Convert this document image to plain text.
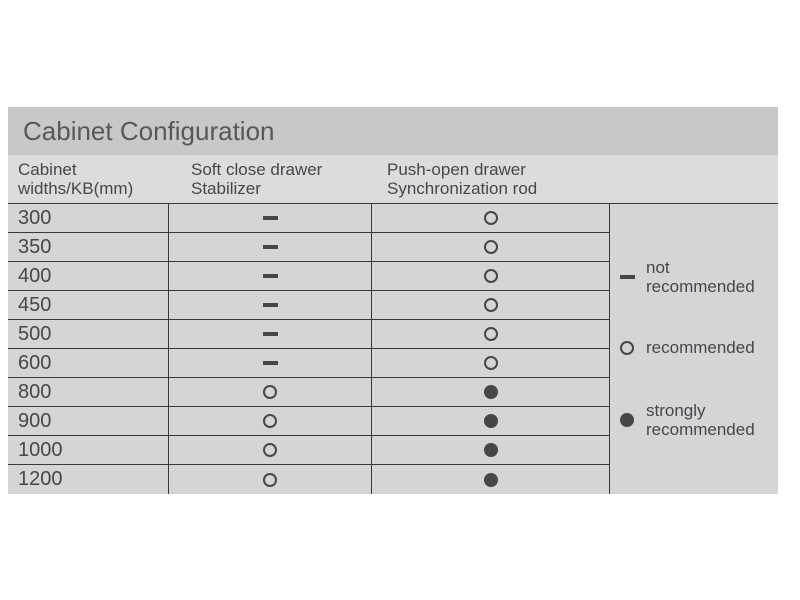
Cabinet Configuration
Cabinet
widths/KB(mm)
Soft close drawer
Stabilizer
Push-open drawer
Synchronization rod
300
350
400
450
500
600
800
900
1000
1200
not
recommended
recommended
strongly
recommended
